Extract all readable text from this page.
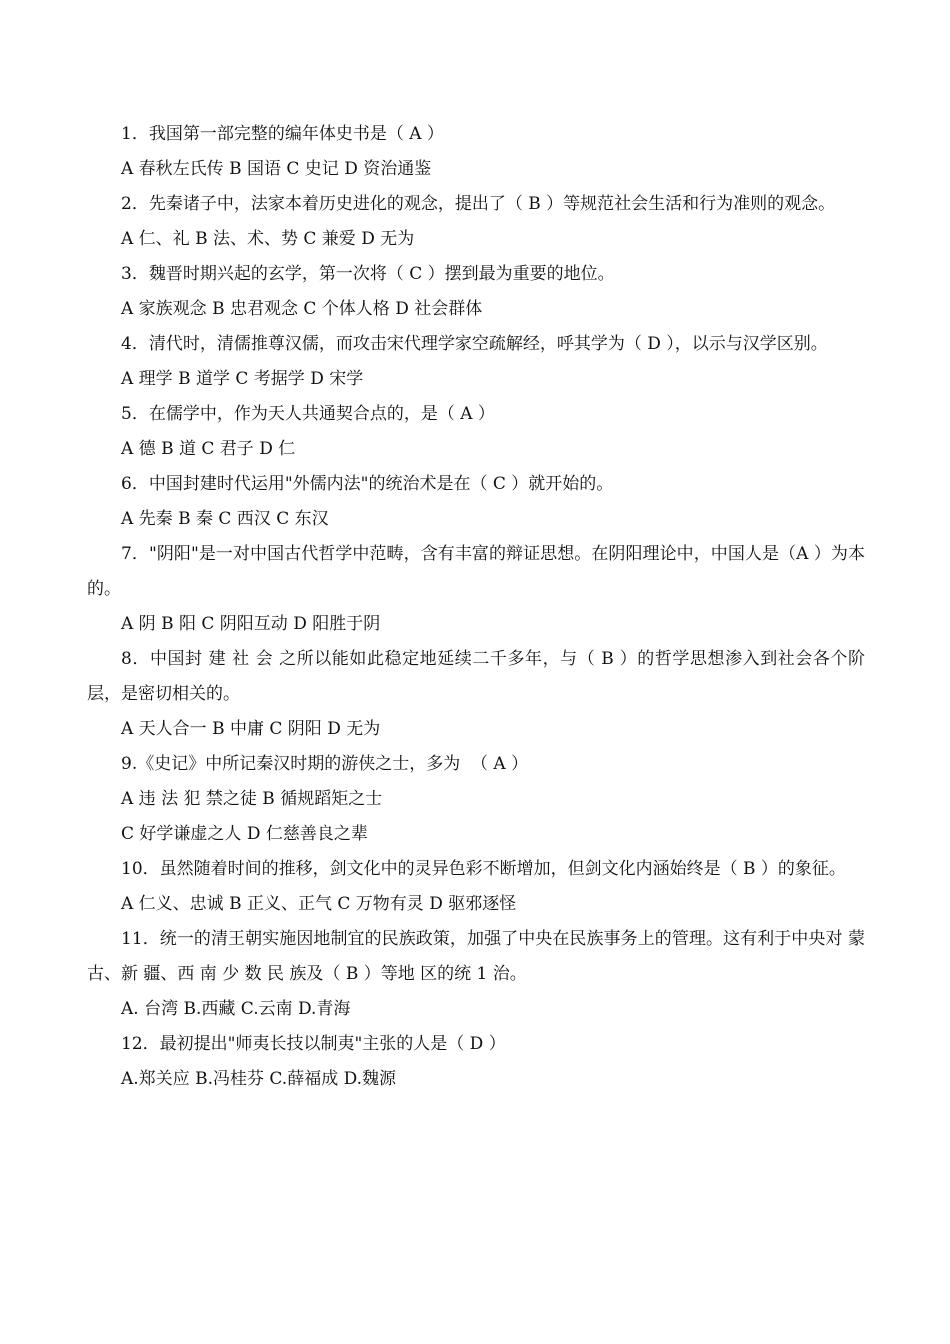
1．我国第一部完整的编年体史书是（ A ）

A 春秋左氏传 B 国语 C 史记 D 资治通鉴

2．先秦诸子中，法家本着历史进化的观念，提出了（ B ）等规范社会生活和行为准则的观念。

A 仁、礼 B 法、术、势 C 兼爱 D 无为

3．魏晋时期兴起的玄学，第一次将（ C ）摆到最为重要的地位。

A 家族观念 B 忠君观念 C 个体人格 D 社会群体

4．清代时，清儒推尊汉儒，而攻击宋代理学家空疏解经，呼其学为（ D ），以示与汉学区别。

A 理学 B 道学 C 考据学 D 宋学

5．在儒学中，作为天人共通契合点的，是（ A ）

A 德 B 道 C 君子 D 仁

6．中国封建时代运用"外儒内法"的统治术是在（ C ）就开始的。

A 先秦 B 秦 C 西汉 C 东汉

7．"阴阳"是一对中国古代哲学中范畴，含有丰富的辩证思想。在阴阳理论中，中国人是（A ）为本的。

A 阴 B 阳 C 阴阳互动 D 阳胜于阴

8．中国封 建 社 会 之所以能如此稳定地延续二千多年，与（ B ）的哲学思想渗入到社会各个阶层，是密切相关的。

A 天人合一 B 中庸 C 阴阳 D 无为

9.《史记》中所记秦汉时期的游侠之士，多为  （ A ）

A 违 法 犯 禁之徒 B 循规蹈矩之士

C 好学谦虚之人 D 仁慈善良之辈

10．虽然随着时间的推移，剑文化中的灵异色彩不断增加，但剑文化内涵始终是（ B ）的象征。

A 仁义、忠诚 B 正义、正气 C 万物有灵 D 驱邪逐怪

11．统一的清王朝实施因地制宜的民族政策，加强了中央在民族事务上的管理。这有利于中央对 蒙 古、新 疆、西 南 少 数 民 族及（ B ）等地 区的统 1 治。

A. 台湾 B.西藏 C.云南 D.青海

12．最初提出"师夷长技以制夷"主张的人是（ D ）

A.郑关应 B.冯桂芬 C.薛福成 D.魏源
